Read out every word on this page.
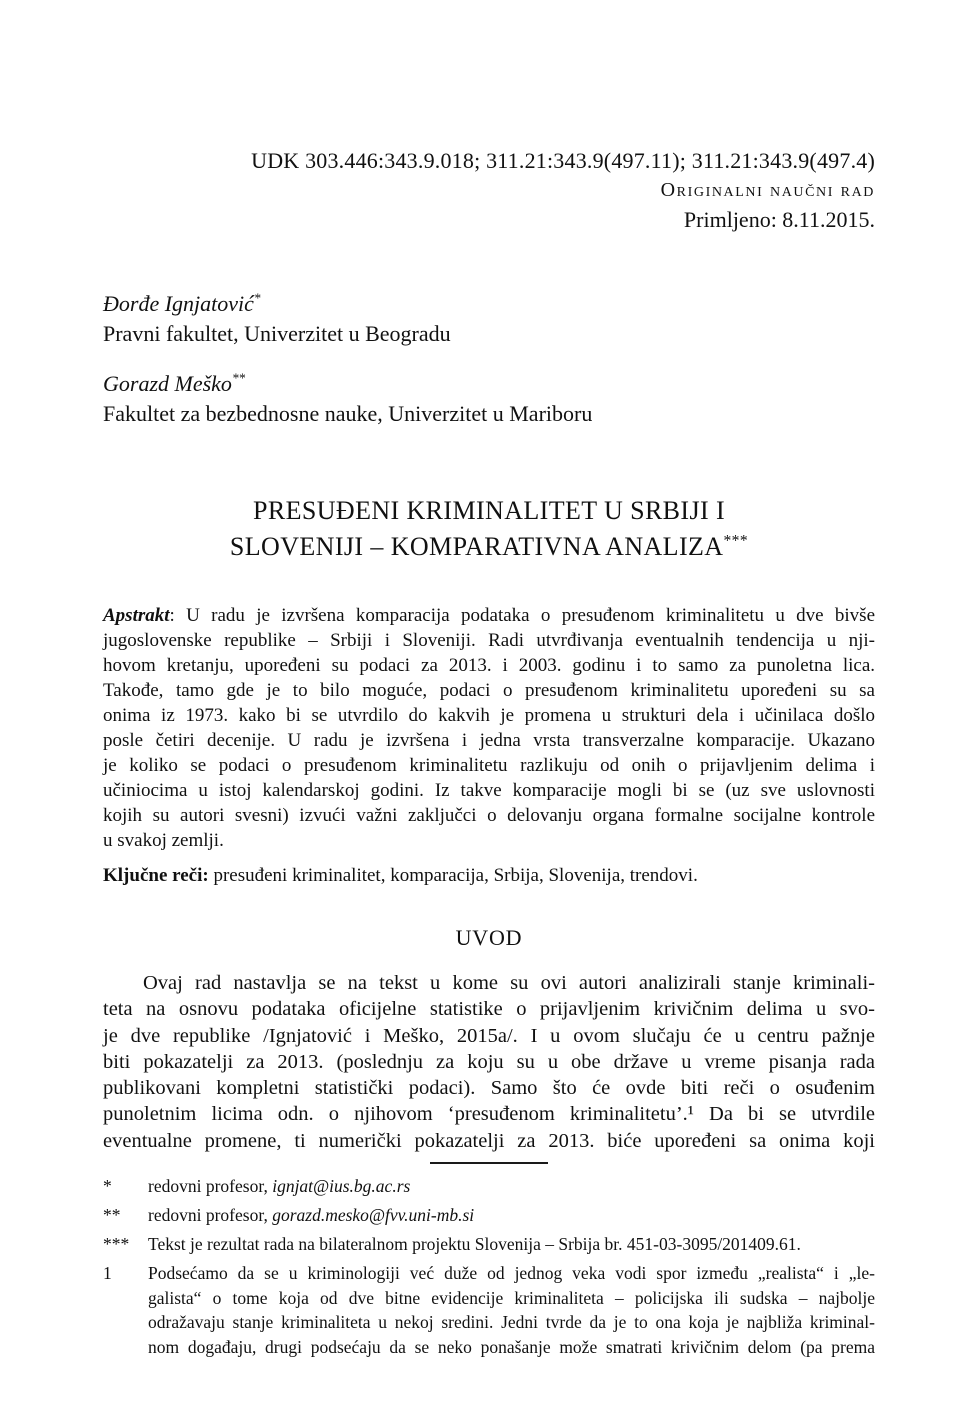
UDK 303.446:343.9.018; 311.21:343.9(497.11); 311.21:343.9(497.4)
Originalni naučni rad
Primljeno: 8.11.2015.
Đorđe Ignjatović*
Pravni fakultet, Univerzitet u Beogradu
Gorazd Meško**
Fakultet za bezbednosne nauke, Univerzitet u Mariboru
PRESUĐENI KRIMINALITET U SRBIJI I
SLOVENIJI – KOMPARATIVNA ANALIZA***
Apstrakt: U radu je izvršena komparacija podataka o presuđenom kriminalitetu u dve bivše
jugoslovenske republike – Srbiji i Sloveniji. Radi utvrđivanja eventualnih tendencija u nji-
hovom kretanju, upoređeni su podaci za 2013. i 2003. godinu i to samo za punoletna lica.
Takođe, tamo gde je to bilo moguće, podaci o presuđenom kriminalitetu upoređeni su sa
onima iz 1973. kako bi se utvrdilo do kakvih je promena u strukturi dela i učinilaca došlo
posle četiri decenije. U radu je izvršena i jedna vrsta transverzalne komparacije. Ukazano
je koliko se podaci o presuđenom kriminalitetu razlikuju od onih o prijavljenim delima i
učiniocima u istoj kalendarskoj godini. Iz takve komparacije mogli bi se (uz sve uslovnosti
kojih su autori svesni) izvući važni zaključci o delovanju organa formalne socijalne kontrole
u svakoj zemlji.
Ključne reči: presuđeni kriminalitet, komparacija, Srbija, Slovenija, trendovi.
UVOD
Ovaj rad nastavlja se na tekst u kome su ovi autori analizirali stanje kriminali-
teta na osnovu podataka oficijelne statistike o prijavljenim krivičnim delima u svo-
je dve republike /Ignjatović i Meško, 2015a/. I u ovom slučaju će u centru pažnje
biti pokazatelji za 2013. (poslednju za koju su u obe države u vreme pisanja rada
publikovani kompletni statistički podaci). Samo što će ovde biti reči o osuđenim
punoletnim licima odn. o njihovom ‘presuđenom kriminalitetu’.¹ Da bi se utvrdile
eventualne promene, ti numerički pokazatelji za 2013. biće upoređeni sa onima koji
*	redovni profesor, ignjat@ius.bg.ac.rs
**	redovni profesor, gorazd.mesko@fvv.uni-mb.si
***	Tekst je rezultat rada na bilateralnom projektu Slovenija – Srbija br. 451-03-3095/201409.61.
1	Podsećamo da se u kriminologiji već duže od jednog veka vodi spor između „realista“ i „le-
galista“ o tome koja od dve bitne evidencije kriminaliteta – policijska ili sudska – najbolje
odražavaju stanje kriminaliteta u nekoj sredini. Jedni tvrde da je to ona koja je najbliža kriminal-
nom događaju, drugi podsećaju da se neko ponašanje može smatrati krivičnim delom (pa prema
